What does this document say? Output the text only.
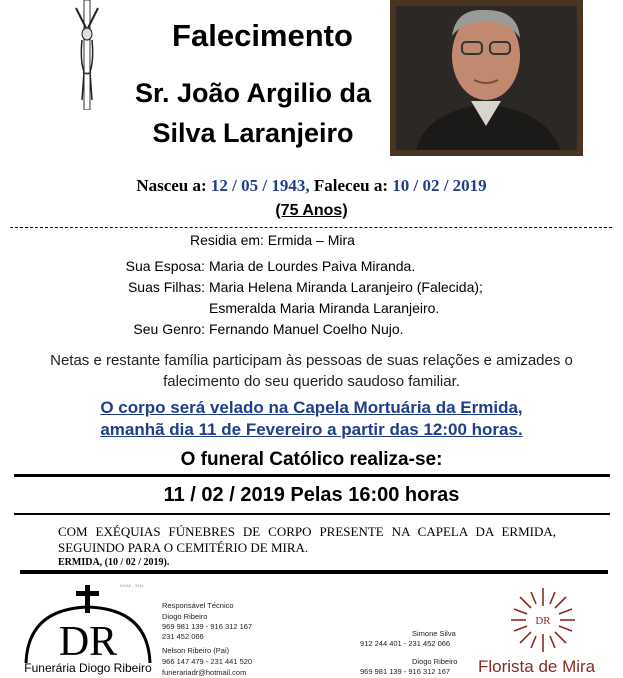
Falecimento
Sr. João Argilio da
Silva Laranjeiro
Nasceu a: 12 / 05 / 1943, Faleceu a: 10 / 02 / 2019
(75 Anos)
Residia em: Ermida – Mira
Sua Esposa: Maria de Lourdes Paiva Miranda.
Suas Filhas: Maria Helena Miranda Laranjeiro (Falecida);
Esmeralda Maria Miranda Laranjeiro.
Seu Genro: Fernando Manuel Coelho Nujo.
Netas e restante família participam às pessoas de suas relações e amizades o falecimento do seu querido saudoso familiar.
O corpo será velado na Capela Mortuária da Ermida,
amanhã dia 11 de Fevereiro a partir das 12:00 horas.
O funeral Católico realiza-se:
11 / 02 / 2019 Pelas 16:00 horas
COM EXÉQUIAS FÚNEBRES DE CORPO PRESENTE NA CAPELA DA ERMIDA, SEGUINDO PARA O CEMITÉRIO DE MIRA.
ERMIDA, (10 / 02 / 2019).
DR
Funerária Diogo Ribeiro
DGAE - 3941
Responsável Técnico
Diogo Ribeiro
969 981 139 - 916 312 167
231 452 066
Nelson Ribeiro (Pai)
966 147 479 - 231 441 520
funerariadr@hotmail.com
Simone Silva
912 244 401 - 231 452 066
Diogo Ribeiro
969 981 139 - 916 312 167
DR
Florista de Mira
